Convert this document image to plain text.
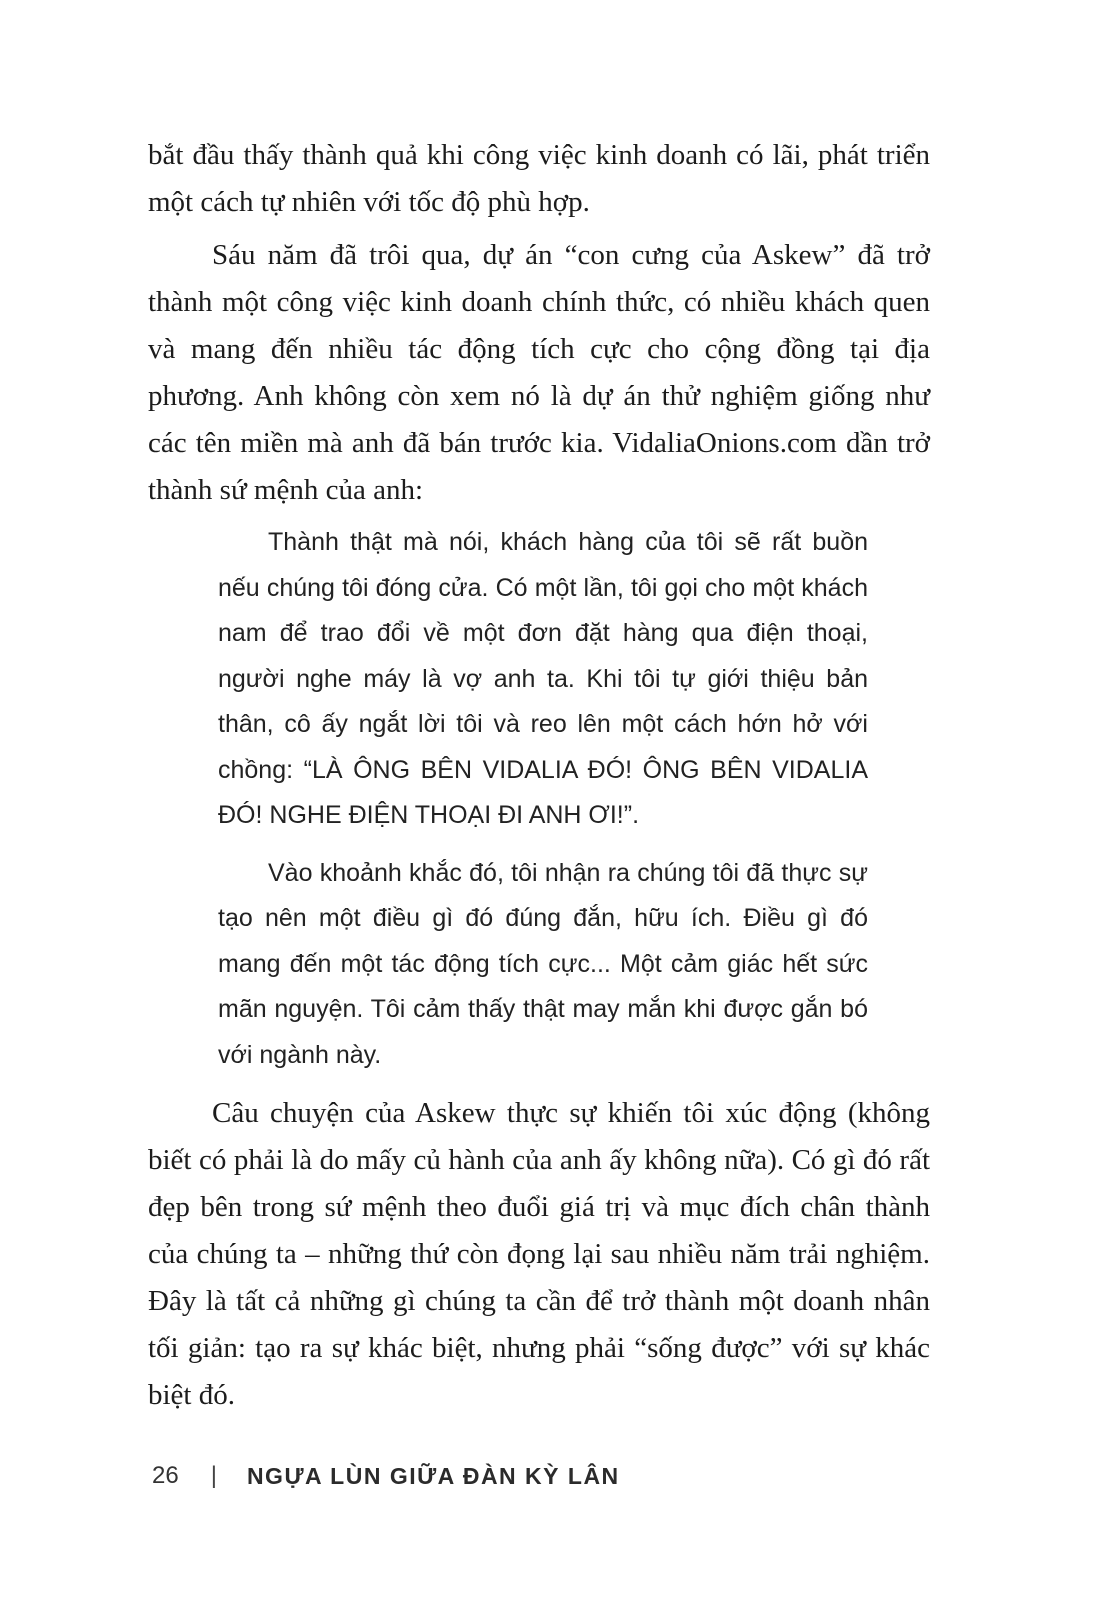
bắt đầu thấy thành quả khi công việc kinh doanh có lãi, phát triển một cách tự nhiên với tốc độ phù hợp.

Sáu năm đã trôi qua, dự án “con cưng của Askew” đã trở thành một công việc kinh doanh chính thức, có nhiều khách quen và mang đến nhiều tác động tích cực cho cộng đồng tại địa phương. Anh không còn xem nó là dự án thử nghiệm giống như các tên miền mà anh đã bán trước kia. VidaliaOnions.com dần trở thành sứ mệnh của anh:

Thành thật mà nói, khách hàng của tôi sẽ rất buồn nếu chúng tôi đóng cửa. Có một lần, tôi gọi cho một khách nam để trao đổi về một đơn đặt hàng qua điện thoại, người nghe máy là vợ anh ta. Khi tôi tự giới thiệu bản thân, cô ấy ngắt lời tôi và reo lên một cách hớn hở với chồng: “LÀ ÔNG BÊN VIDALIA ĐÓ! ÔNG BÊN VIDALIA ĐÓ! NGHE ĐIỆN THOẠI ĐI ANH ƠI!”.

Vào khoảnh khắc đó, tôi nhận ra chúng tôi đã thực sự tạo nên một điều gì đó đúng đắn, hữu ích. Điều gì đó mang đến một tác động tích cực... Một cảm giác hết sức mãn nguyện. Tôi cảm thấy thật may mắn khi được gắn bó với ngành này.

Câu chuyện của Askew thực sự khiến tôi xúc động (không biết có phải là do mấy củ hành của anh ấy không nữa). Có gì đó rất đẹp bên trong sứ mệnh theo đuổi giá trị và mục đích chân thành của chúng ta – những thứ còn đọng lại sau nhiều năm trải nghiệm. Đây là tất cả những gì chúng ta cần để trở thành một doanh nhân tối giản: tạo ra sự khác biệt, nhưng phải “sống được” với sự khác biệt đó.

26 | NGỰA LÙN GIỮA ĐÀN KỲ LÂN
